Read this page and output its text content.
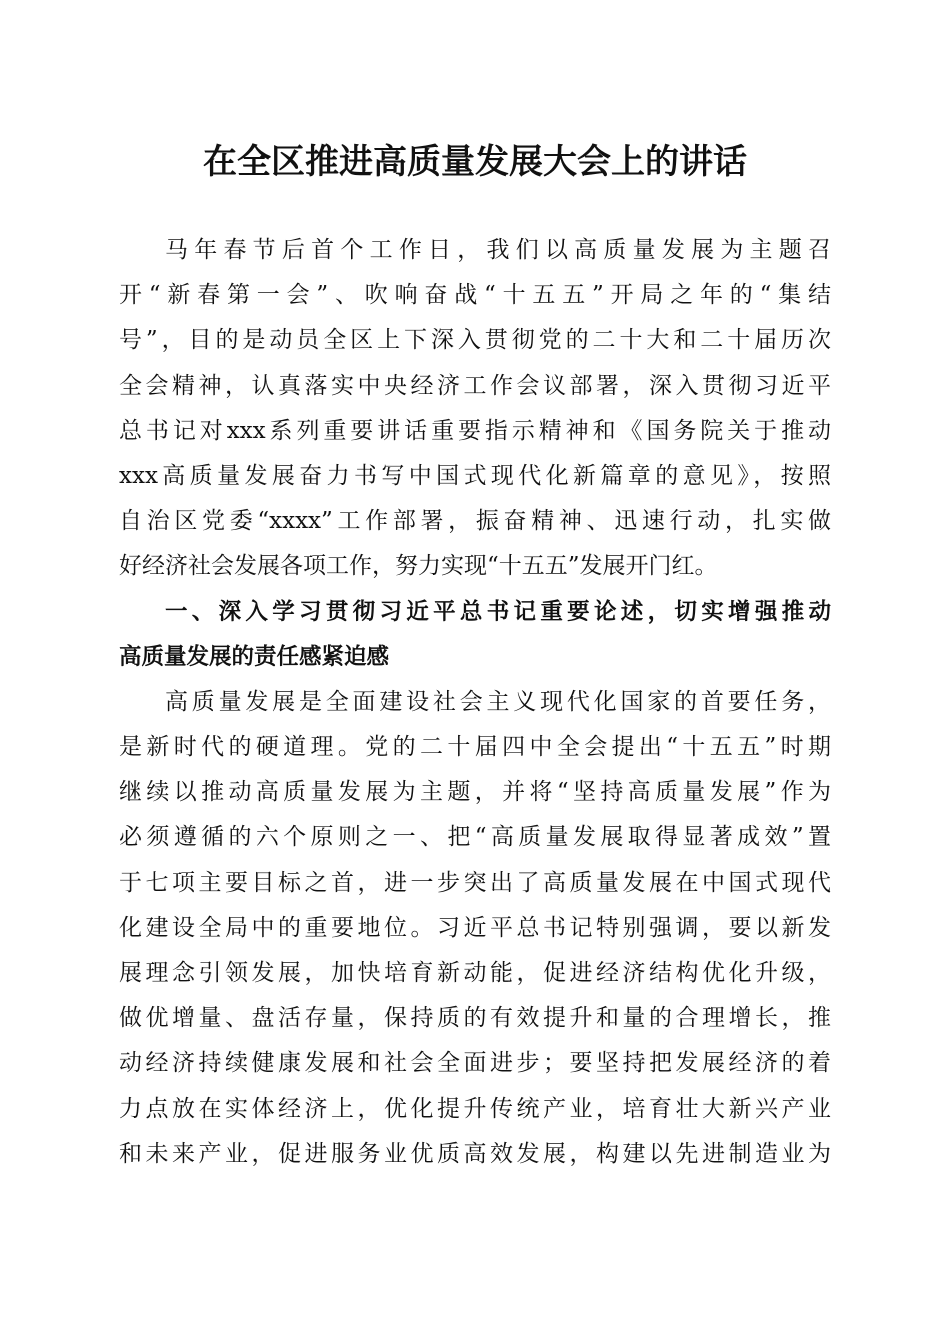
在全区推进高质量发展大会上的讲话
马年春节后首个工作日，我们以高质量发展为主题召
开“新春第一会”、吹响奋战“十五五”开局之年的“集结
号”，目的是动员全区上下深入贯彻党的二十大和二十届历次
全会精神，认真落实中央经济工作会议部署，深入贯彻习近平
总书记对xxx系列重要讲话重要指示精神和《国务院关于推动
xxx高质量发展奋力书写中国式现代化新篇章的意见》，按照
自治区党委“xxxx”工作部署，振奋精神、迅速行动，扎实做
好经济社会发展各项工作，努力实现“十五五”发展开门红。
一、深入学习贯彻习近平总书记重要论述，切实增强推动
高质量发展的责任感紧迫感
高质量发展是全面建设社会主义现代化国家的首要任务，
是新时代的硬道理。党的二十届四中全会提出“十五五”时期
继续以推动高质量发展为主题，并将“坚持高质量发展”作为
必须遵循的六个原则之一、把“高质量发展取得显著成效”置
于七项主要目标之首，进一步突出了高质量发展在中国式现代
化建设全局中的重要地位。习近平总书记特别强调，要以新发
展理念引领发展，加快培育新动能，促进经济结构优化升级，
做优增量、盘活存量，保持质的有效提升和量的合理增长，推
动经济持续健康发展和社会全面进步；要坚持把发展经济的着
力点放在实体经济上，优化提升传统产业，培育壮大新兴产业
和未来产业，促进服务业优质高效发展，构建以先进制造业为
